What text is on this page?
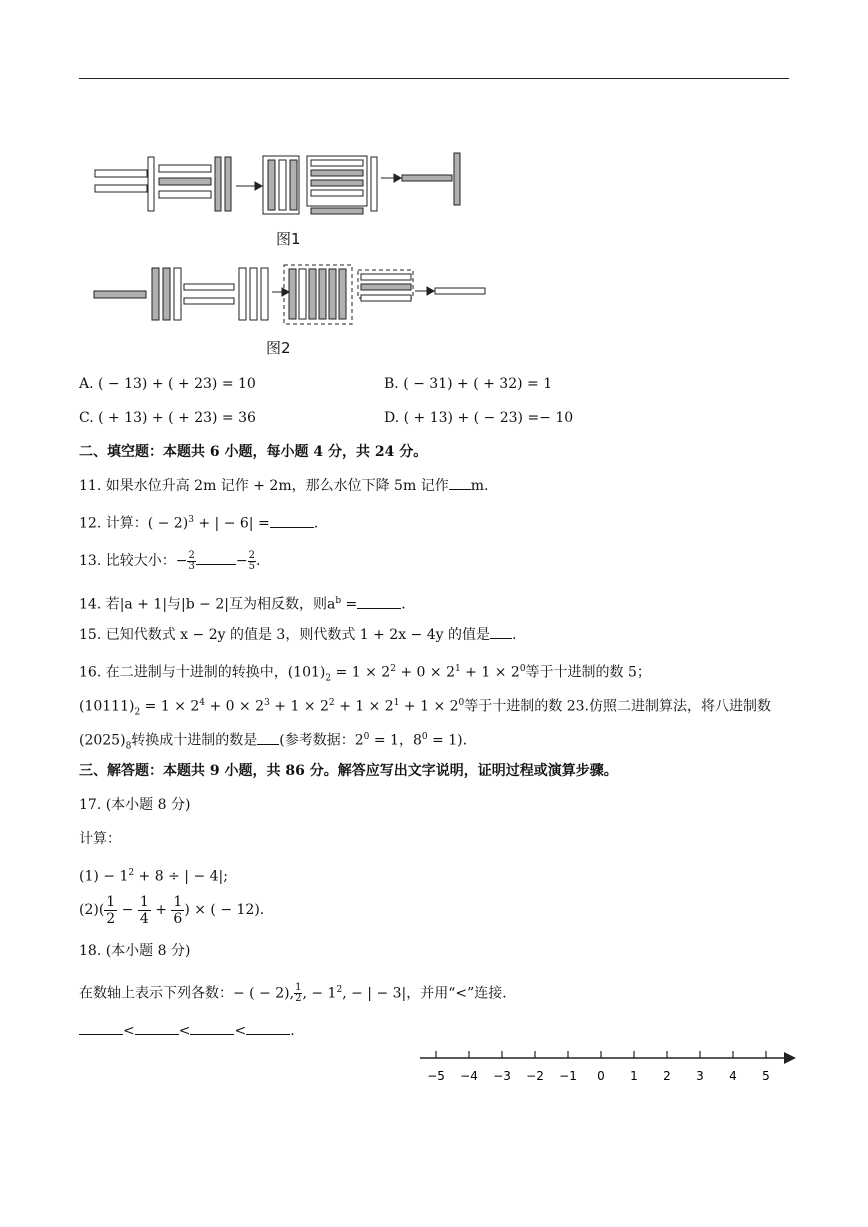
图1
图2
A. ( − 13) + ( + 23) = 10	B. ( − 31) + ( + 32) = 1
C. ( + 13) + ( + 23) = 36	D. ( + 13) + ( − 23) =− 10
二、填空题：本题共 6 小题，每小题 4 分，共 24 分。
11. 如果水位升高 2m 记作 + 2m，那么水位下降 5m 记作 m.
12. 计算：( − 2)$^3$ + | − 6| =	.
13. 比较大小：− $\frac{2}{3}$	− $\frac{2}{5}$ .
14. 若|a + 1|与|b − 2|互为相反数，则$a^b$ =	.
15. 已知代数式 x − 2y 的值是 3，则代数式 1 + 2x − 4y 的值是 .
16. 在二进制与十进制的转换中，$(101)_2 = 1 \times 2^2 + 0 \times 2^1 + 1 \times 2^0$等于十进制的数 5；
$(10111)_2 = 1 \times 2^4 + 0 \times 2^3 + 1 \times 2^2 + 1 \times 2^1 + 1 \times 2^0$等于十进制的数 23.仿照二进制算法，将八进制数
$(2025)_8$转换成十进制的数是 (参考数据：$2^0 = 1$，$8^0 = 1$).
三、解答题：本题共 9 小题，共 86 分。解答应写出文字说明，证明过程或演算步骤。
17. (本小题 8 分)
计算：
$(1) - 1^2 + 8$ ÷ | − 4|;
$(2)( \frac{1}{2} - \frac{1}{4} + \frac{1}{6}$ ) × ( − 12).
18. (本小题 8 分)
在数轴上表示下列各数：− ( − 2), $\frac{1}{2}$ , − $1^2$, − | − 3|，并用“<”连接.
<	<	<	.
−5 −4 −3 −2 −1 0 1 2 3 4 5
